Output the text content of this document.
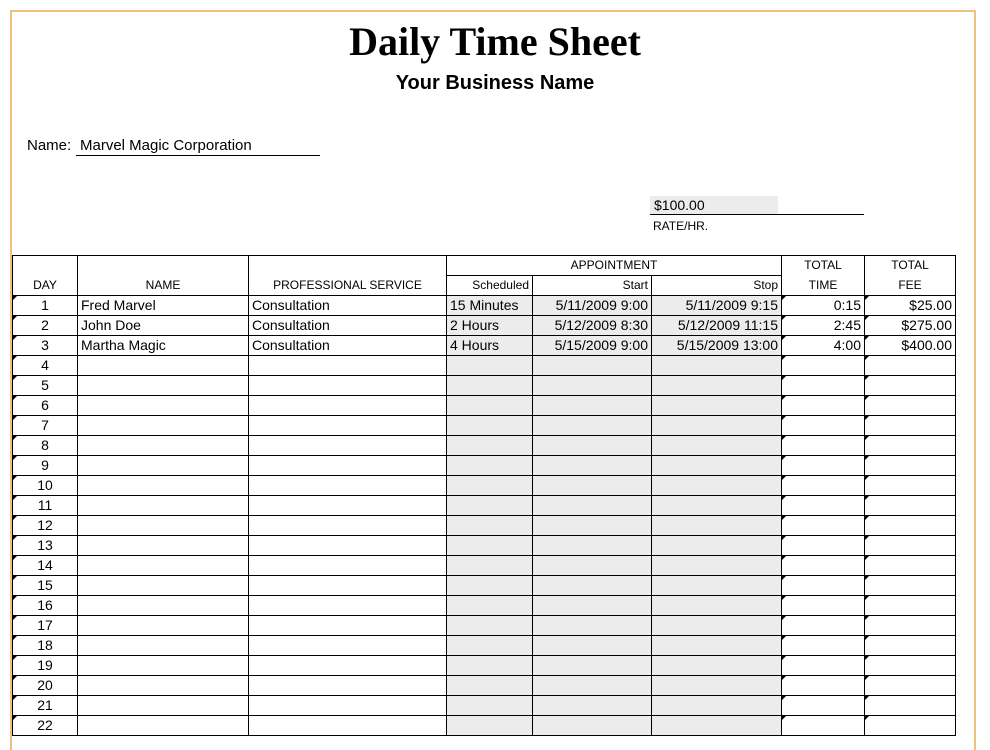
Daily Time Sheet
Your Business Name
Name: Marvel Magic Corporation
$100.00
RATE/HR.
DAY	NAME	PROFESSIONAL SERVICE	APPOINTMENT			TOTAL	TOTAL
			Scheduled	Start	Stop	TIME	FEE
1	Fred Marvel	Consultation	15 Minutes	5/11/2009 9:00	5/11/2009 9:15	0:15	$25.00
2	John Doe	Consultation	2 Hours	5/12/2009 8:30	5/12/2009 11:15	2:45	$275.00
3	Martha Magic	Consultation	4 Hours	5/15/2009 9:00	5/15/2009 13:00	4:00	$400.00
4							
5							
6							
7							
8							
9							
10							
11							
12							
13							
14							
15							
16							
17							
18							
19							
20							
21							
22							
